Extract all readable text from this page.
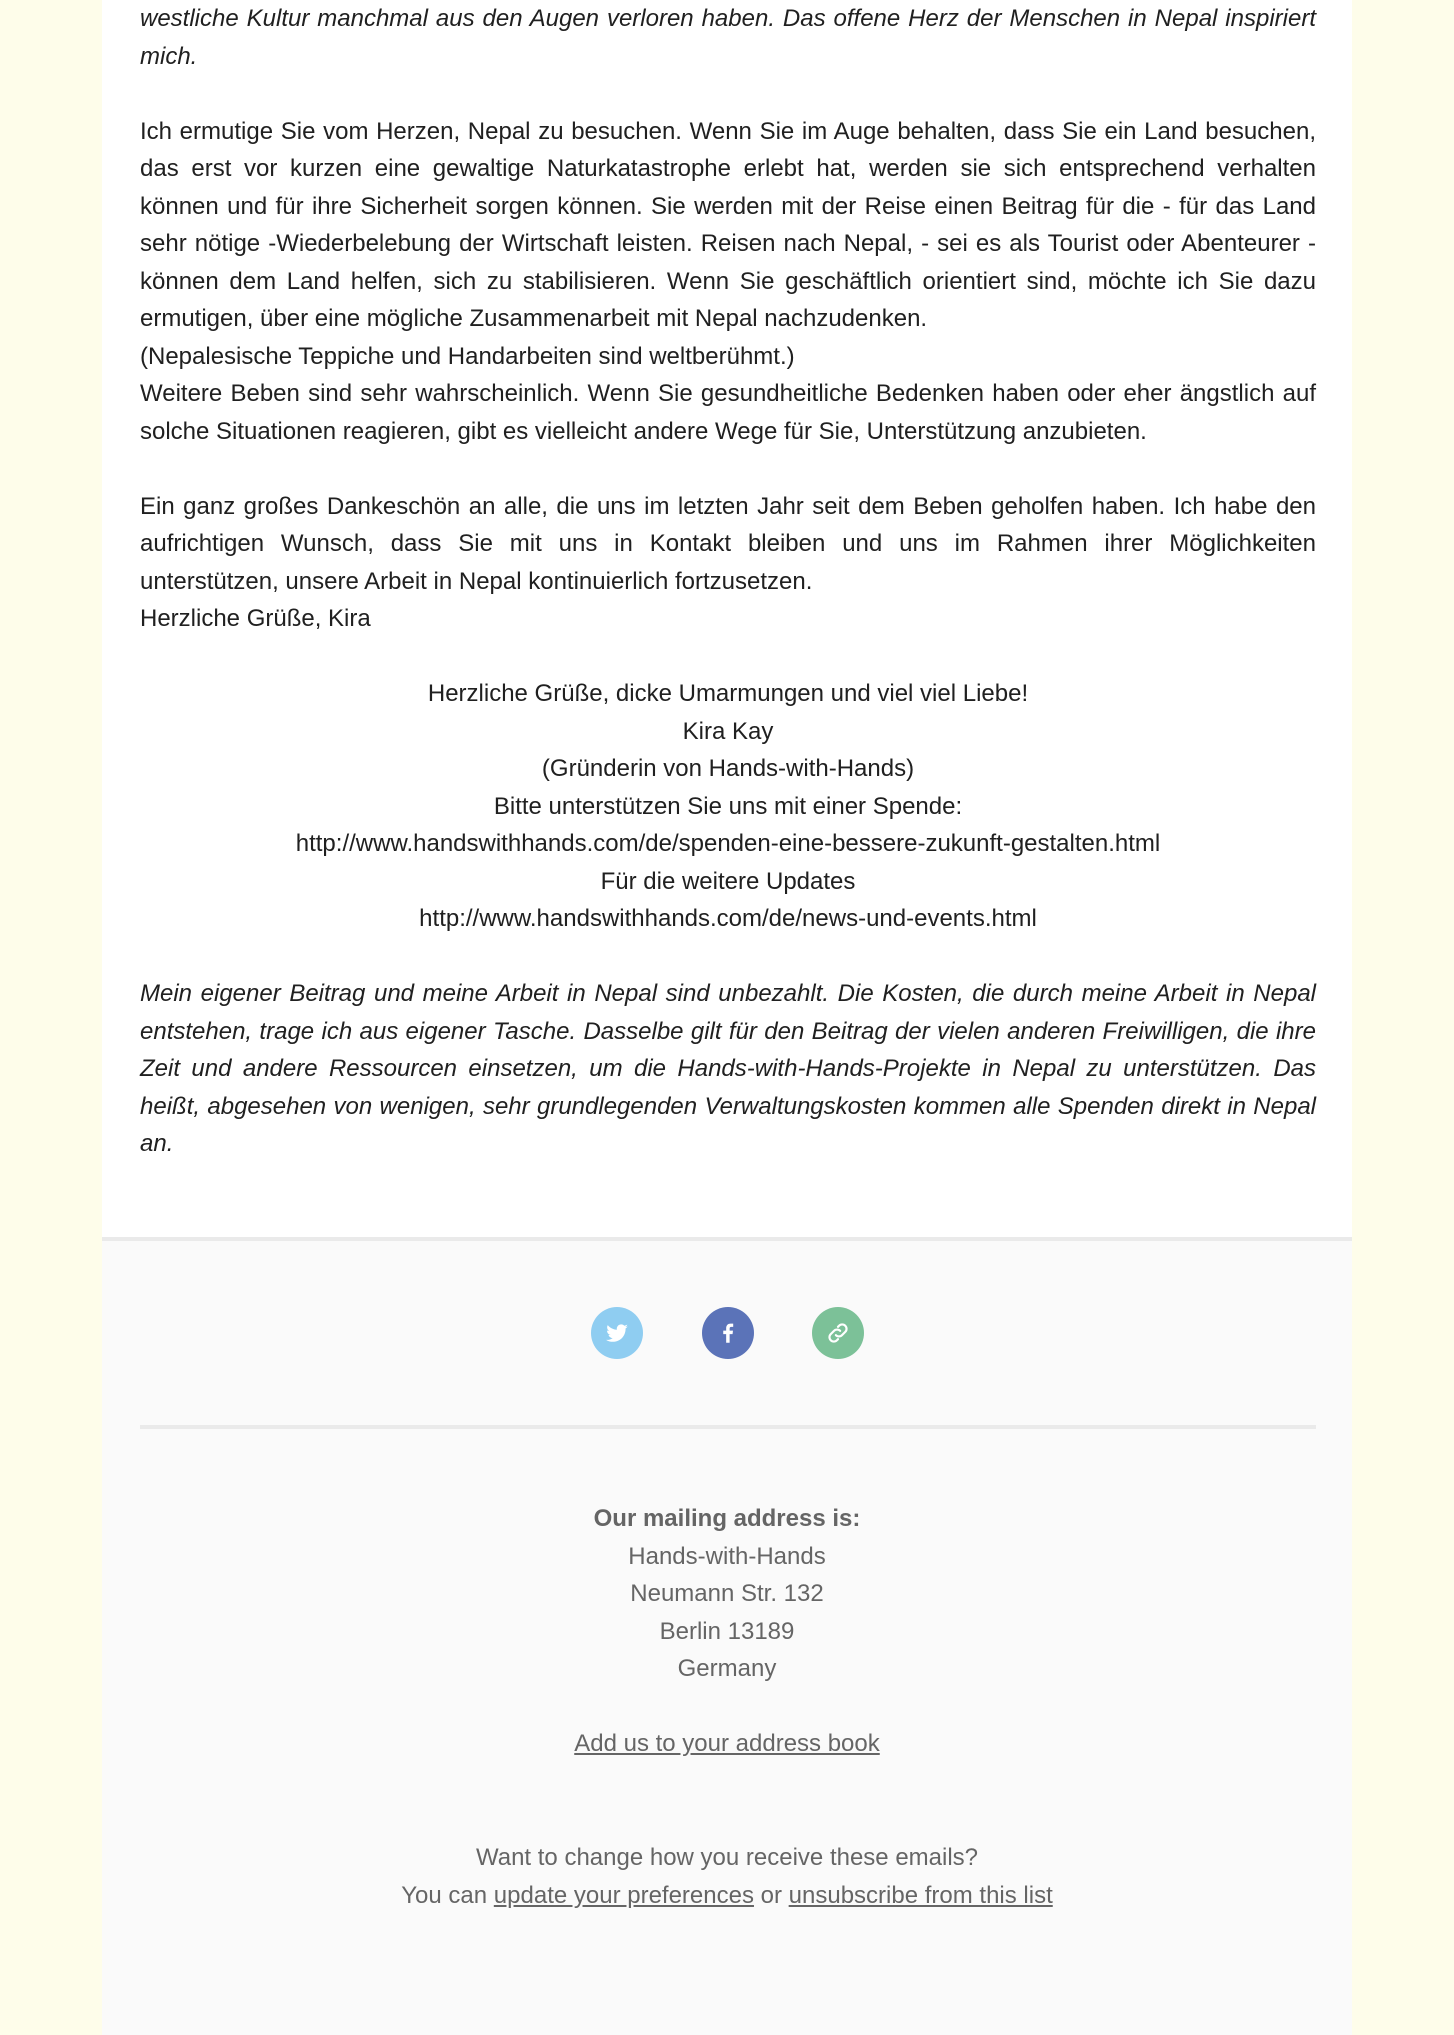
westliche Kultur manchmal aus den Augen verloren haben. Das offene Herz der Menschen in Nepal inspiriert mich.

Ich ermutige Sie vom Herzen, Nepal zu besuchen. Wenn Sie im Auge behalten, dass Sie ein Land besuchen, das erst vor kurzen eine gewaltige Naturkatastrophe erlebt hat, werden sie sich entsprechend verhalten können und für ihre Sicherheit sorgen können. Sie werden mit der Reise einen Beitrag für die - für das Land sehr nötige -Wiederbelebung der Wirtschaft leisten. Reisen nach Nepal, - sei es als Tourist oder Abenteurer - können dem Land helfen, sich zu stabilisieren. Wenn Sie geschäftlich orientiert sind, möchte ich Sie dazu ermutigen, über eine mögliche Zusammenarbeit mit Nepal nachzudenken.

(Nepalesische Teppiche und Handarbeiten sind weltberühmt.)

Weitere Beben sind sehr wahrscheinlich. Wenn Sie gesundheitliche Bedenken haben oder eher ängstlich auf solche Situationen reagieren, gibt es vielleicht andere Wege für Sie, Unterstützung anzubieten.

Ein ganz großes Dankeschön an alle, die uns im letzten Jahr seit dem Beben geholfen haben. Ich habe den aufrichtigen Wunsch, dass Sie mit uns in Kontakt bleiben und uns im Rahmen ihrer Möglichkeiten unterstützen, unsere Arbeit in Nepal kontinuierlich fortzusetzen.

Herzliche Grüße, Kira

Herzliche Grüße, dicke Umarmungen und viel viel Liebe!
Kira Kay
(Gründerin von Hands-with-Hands)
Bitte unterstützen Sie uns mit einer Spende:
http://www.handswithhands.com/de/spenden-eine-bessere-zukunft-gestalten.html
Für die weitere Updates
http://www.handswithhands.com/de/news-und-events.html

Mein eigener Beitrag und meine Arbeit in Nepal sind unbezahlt. Die Kosten, die durch meine Arbeit in Nepal entstehen, trage ich aus eigener Tasche. Dasselbe gilt für den Beitrag der vielen anderen Freiwilligen, die ihre Zeit und andere Ressourcen einsetzen, um die Hands-with-Hands-Projekte in Nepal zu unterstützen. Das heißt, abgesehen von wenigen, sehr grundlegenden Verwaltungskosten kommen alle Spenden direkt in Nepal an.

Our mailing address is:
Hands-with-Hands
Neumann Str. 132
Berlin 13189
Germany
Add us to your address book
Want to change how you receive these emails?
You can update your preferences or unsubscribe from this list
